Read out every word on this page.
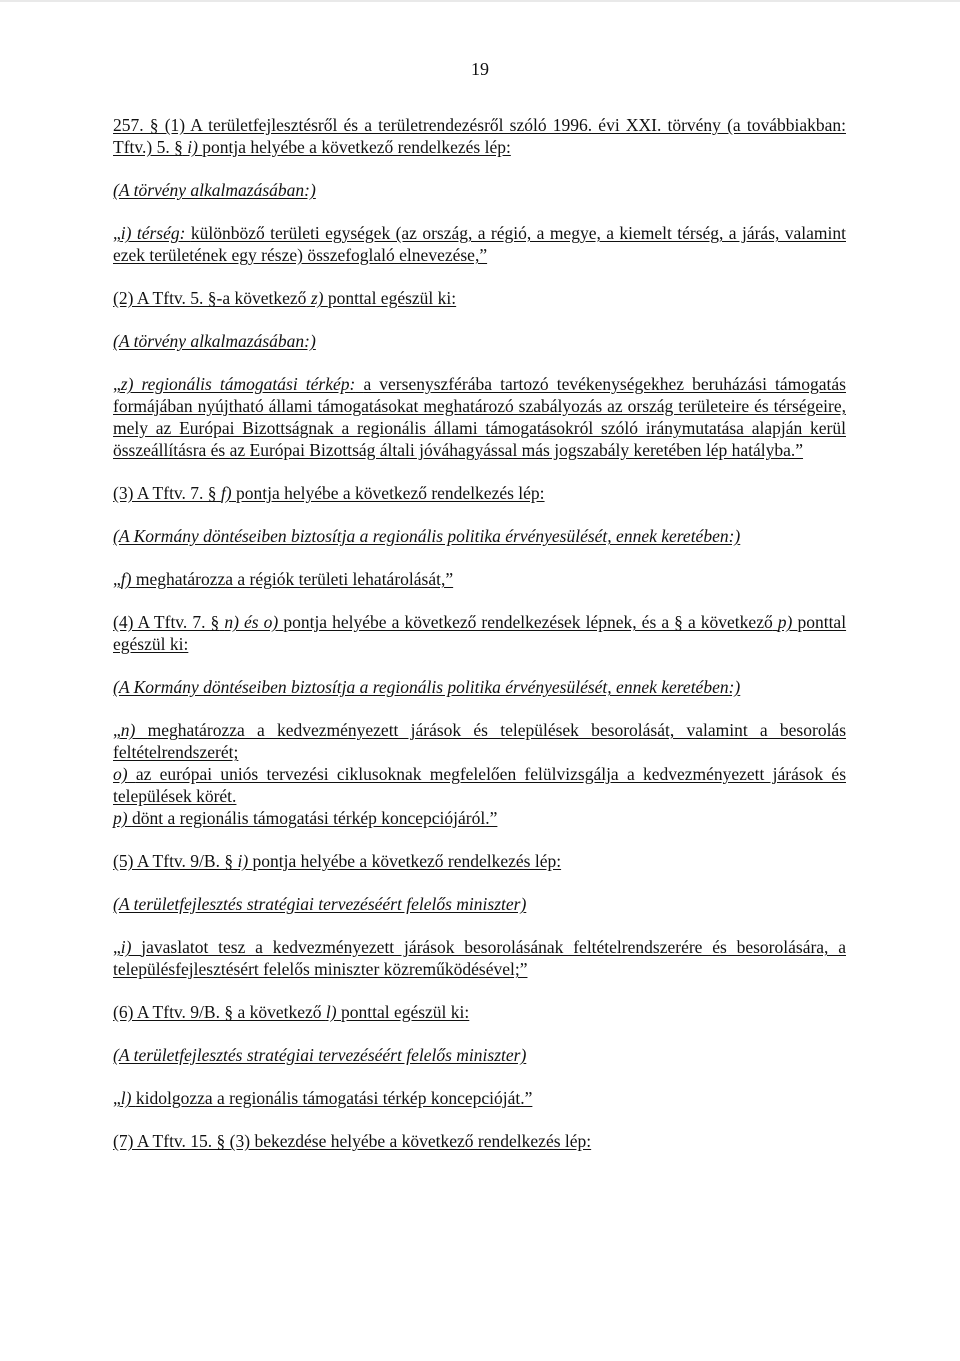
19

257. § (1) A területfejlesztésről és a területrendezésről szóló 1996. évi XXI. törvény (a továbbiakban: Tftv.) 5. § i) pontja helyébe a következő rendelkezés lép:

(A törvény alkalmazásában:)

„i) térség: különböző területi egységek (az ország, a régió, a megye, a kiemelt térség, a járás, valamint ezek területének egy része) összefoglaló elnevezése,”

(2) A Tftv. 5. §-a következő z) ponttal egészül ki:

(A törvény alkalmazásában:)

„z) regionális támogatási térkép: a versenyszférába tartozó tevékenységekhez beruházási támogatás formájában nyújtható állami támogatásokat meghatározó szabályozás az ország területeire és térségeire, mely az Európai Bizottságnak a regionális állami támogatásokról szóló iránymutatása alapján kerül összeállításra és az Európai Bizottság általi jóváhagyással más jogszabály keretében lép hatályba.”

(3) A Tftv. 7. § f) pontja helyébe a következő rendelkezés lép:

(A Kormány döntéseiben biztosítja a regionális politika érvényesülését, ennek keretében:)

„f) meghatározza a régiók területi lehatárolását,”

(4) A Tftv. 7. § n) és o) pontja helyébe a következő rendelkezések lépnek, és a § a következő p) ponttal egészül ki:

(A Kormány döntéseiben biztosítja a regionális politika érvényesülését, ennek keretében:)

„n) meghatározza a kedvezményezett járások és települések besorolását, valamint a besorolás feltételrendszerét;

o) az európai uniós tervezési ciklusoknak megfelelően felülvizsgálja a kedvezményezett járások és települések körét.

p) dönt a regionális támogatási térkép koncepciójáról.”

(5) A Tftv. 9/B. § i) pontja helyébe a következő rendelkezés lép:

(A területfejlesztés stratégiai tervezéséért felelős miniszter)

„i) javaslatot tesz a kedvezményezett járások besorolásának feltételrendszerére és besorolására, a településfejlesztésért felelős miniszter közreműködésével;”

(6) A Tftv. 9/B. § a következő l) ponttal egészül ki:

(A területfejlesztés stratégiai tervezéséért felelős miniszter)

„l) kidolgozza a regionális támogatási térkép koncepcióját.”

(7) A Tftv. 15. § (3) bekezdése helyébe a következő rendelkezés lép:
